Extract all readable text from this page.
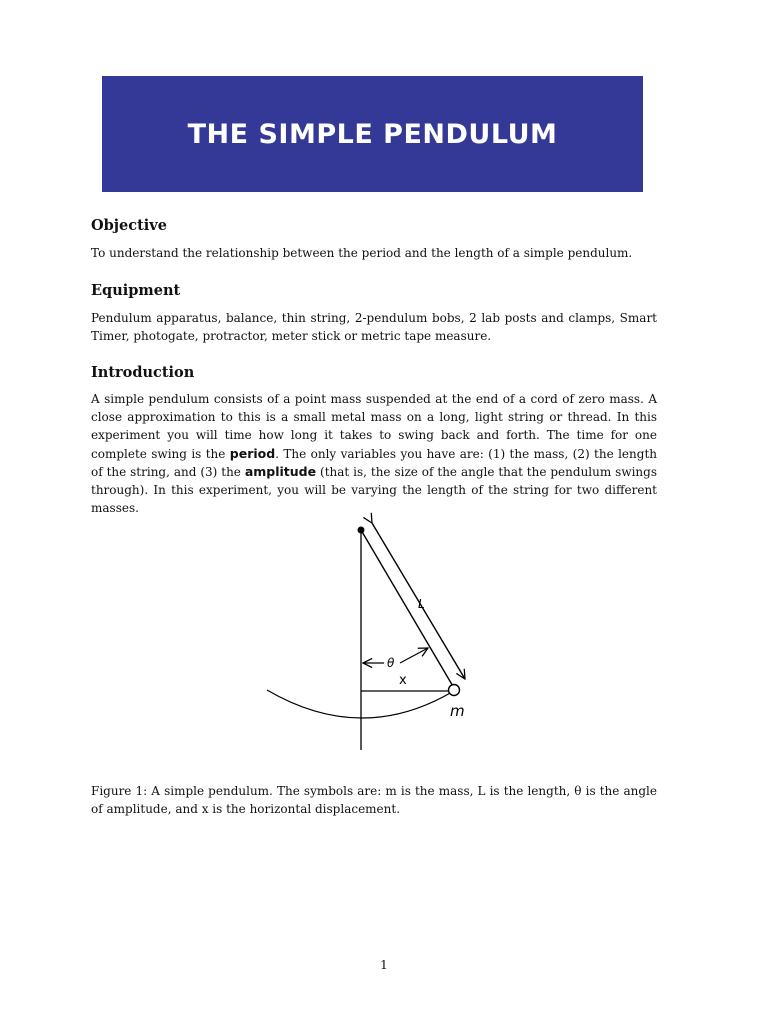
THE SIMPLE PENDULUM
Objective

To understand the relationship between the period and the length of a simple pendulum.

Equipment

Pendulum apparatus, balance, thin string, 2-pendulum bobs, 2 lab posts and clamps, Smart Timer, photogate, protractor, meter stick or metric tape measure.

Introduction

A simple pendulum consists of a point mass suspended at the end of a cord of zero mass. A close approximation to this is a small metal mass on a long, light string or thread. In this experiment you will time how long it takes to swing back and forth. The time for one complete swing is the period. The only variables you have are: (1) the mass, (2) the length of the string, and (3) the amplitude (that is, the size of the angle that the pendulum swings through). In this experiment, you will be varying the length of the string for two different masses.

L
θ
x
m

Figure 1: A simple pendulum. The symbols are: m is the mass, L is the length, θ is the angle of amplitude, and x is the horizontal displacement.

1
